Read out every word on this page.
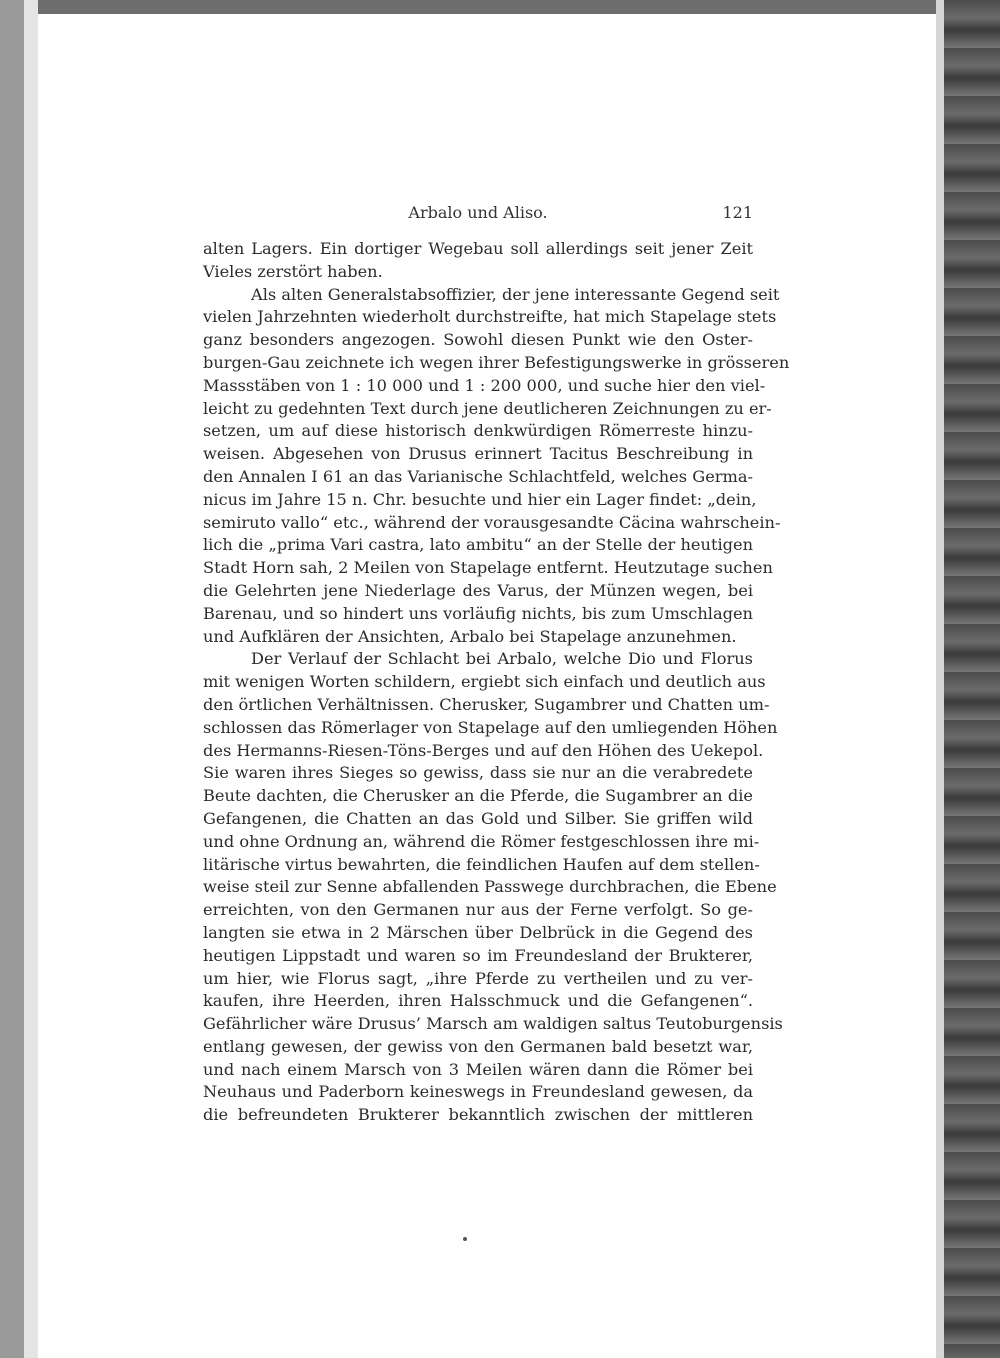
Arbalo und Aliso.	121
alten Lagers. Ein dortiger Wegebau soll allerdings seit jener Zeit
Vieles zerstört haben.
Als alten Generalstabsoffizier, der jene interessante Gegend seit
vielen Jahrzehnten wiederholt durchstreifte, hat mich Stapelage stets
ganz besonders angezogen. Sowohl diesen Punkt wie den Oster-
burgen-Gau zeichnete ich wegen ihrer Befestigungswerke in grösseren
Massstäben von 1 : 10 000 und 1 : 200 000, und suche hier den viel-
leicht zu gedehnten Text durch jene deutlicheren Zeichnungen zu er-
setzen, um auf diese historisch denkwürdigen Römerreste hinzu-
weisen. Abgesehen von Drusus erinnert Tacitus Beschreibung in
den Annalen I 61 an das Varianische Schlachtfeld, welches Germa-
nicus im Jahre 15 n. Chr. besuchte und hier ein Lager findet: „dein,
semiruto vallo“ etc., während der vorausgesandte Cäcina wahrschein-
lich die „prima Vari castra, lato ambitu“ an der Stelle der heutigen
Stadt Horn sah, 2 Meilen von Stapelage entfernt. Heutzutage suchen
die Gelehrten jene Niederlage des Varus, der Münzen wegen, bei
Barenau, und so hindert uns vorläufig nichts, bis zum Umschlagen
und Aufklären der Ansichten, Arbalo bei Stapelage anzunehmen.
Der Verlauf der Schlacht bei Arbalo, welche Dio und Florus
mit wenigen Worten schildern, ergiebt sich einfach und deutlich aus
den örtlichen Verhältnissen. Cherusker, Sugambrer und Chatten um-
schlossen das Römerlager von Stapelage auf den umliegenden Höhen
des Hermanns-Riesen-Töns-Berges und auf den Höhen des Uekepol.
Sie waren ihres Sieges so gewiss, dass sie nur an die verabredete
Beute dachten, die Cherusker an die Pferde, die Sugambrer an die
Gefangenen, die Chatten an das Gold und Silber. Sie griffen wild
und ohne Ordnung an, während die Römer festgeschlossen ihre mi-
litärische virtus bewahrten, die feindlichen Haufen auf dem stellen-
weise steil zur Senne abfallenden Passwege durchbrachen, die Ebene
erreichten, von den Germanen nur aus der Ferne verfolgt. So ge-
langten sie etwa in 2 Märschen über Delbrück in die Gegend des
heutigen Lippstadt und waren so im Freundesland der Brukterer,
um hier, wie Florus sagt, „ihre Pferde zu vertheilen und zu ver-
kaufen, ihre Heerden, ihren Halsschmuck und die Gefangenen“.
Gefährlicher wäre Drusus’ Marsch am waldigen saltus Teutoburgensis
entlang gewesen, der gewiss von den Germanen bald besetzt war,
und nach einem Marsch von 3 Meilen wären dann die Römer bei
Neuhaus und Paderborn keineswegs in Freundesland gewesen, da
die befreundeten Brukterer bekanntlich zwischen der mittleren
